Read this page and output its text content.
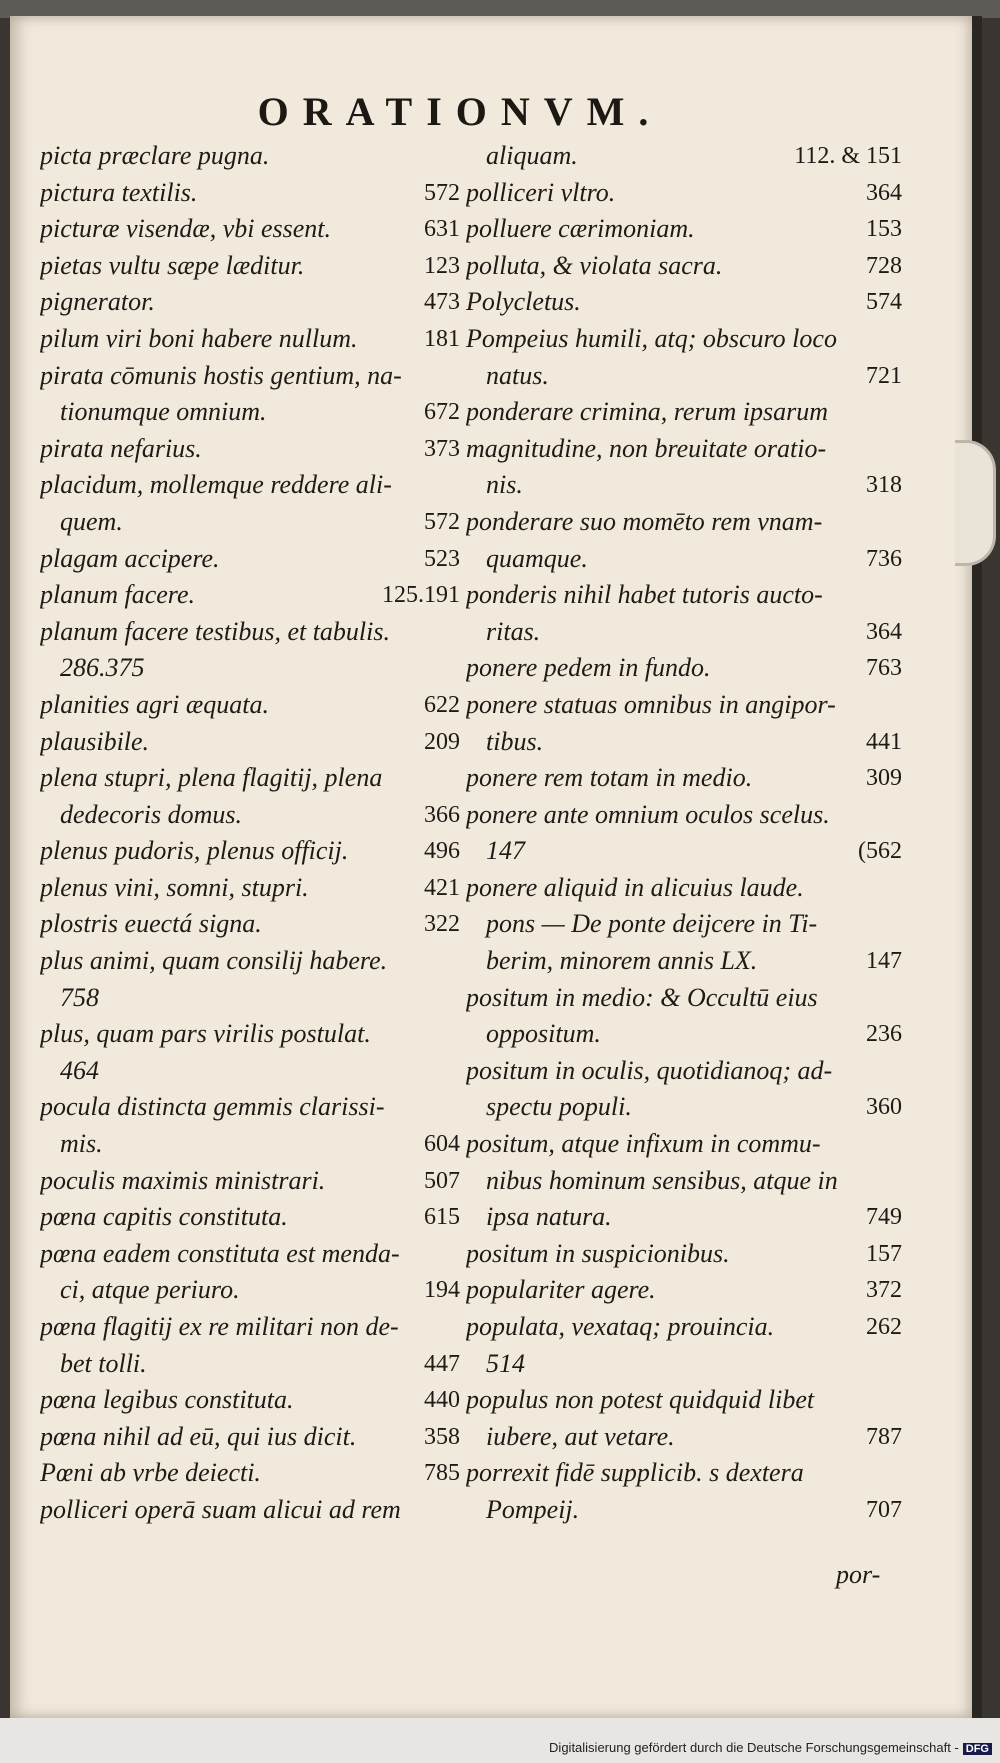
ORATIONVM.
picta præclare pugna.
pictura textilis.	572
picturæ visendæ, vbi essent.	631
pietas vultu sæpe læditur.	123
pignerator.	473
pilum viri boni habere nullum.	181
pirata cōmunis hostis gentium, na-
tionumque omnium.	672
pirata nefarius.	373
placidum, mollemque reddere ali-
quem.	572
plagam accipere.	523
planum facere.	125.191
planum facere testibus, et tabulis.
286.375
planities agri æquata.	622
plausibile.	209
plena stupri, plena flagitij, plena
dedecoris domus.	366
plenus pudoris, plenus officij.	496
plenus vini, somni, stupri.	421
plostris euectá signa.	322
plus animi, quam consilij habere.
758
plus, quam pars virilis postulat.
464
pocula distincta gemmis clarissi-
mis.	604
poculis maximis ministrari.	507
pœna capitis constituta.	615
pœna eadem constituta est menda-
ci, atque periuro.	194
pœna flagitij ex re militari non de-
bet tolli.	447
pœna legibus constituta.	440
pœna nihil ad eū, qui ius dicit.	358
Pœni ab vrbe deiecti.	785
polliceri operā suam alicui ad rem
aliquam.	112. & 151
polliceri vltro.	364
polluere cærimoniam.	153
polluta, & violata sacra.	728
Polycletus.	574
Pompeius humili, atq; obscuro loco
natus.	721
ponderare crimina, rerum ipsarum
magnitudine, non breuitate oratio-
nis.	318
ponderare suo momēto rem vnam-
quamque.	736
ponderis nihil habet tutoris aucto-
ritas.	364
ponere pedem in fundo.	763
ponere statuas omnibus in angipor-
tibus.	441
ponere rem totam in medio.	309
ponere ante omnium oculos scelus.
147	(562
ponere aliquid in alicuius laude.
pons — De ponte deijcere in Ti-
berim, minorem annis LX.	147
positum in medio: & Occultū eius
oppositum.	236
positum in oculis, quotidianoq; ad-
spectu populi.	360
positum, atque infixum in commu-
nibus hominum sensibus, atque in
ipsa natura.	749
positum in suspicionibus.	157
populariter agere.	372
populata, vexataq; prouincia.	262
514
populus non potest quidquid libet
iubere, aut vetare.	787
porrexit fidē supplicib. s dextera
Pompeij.	707
por-
Digitalisierung gefördert durch die Deutsche Forschungsgemeinschaft - DFG
